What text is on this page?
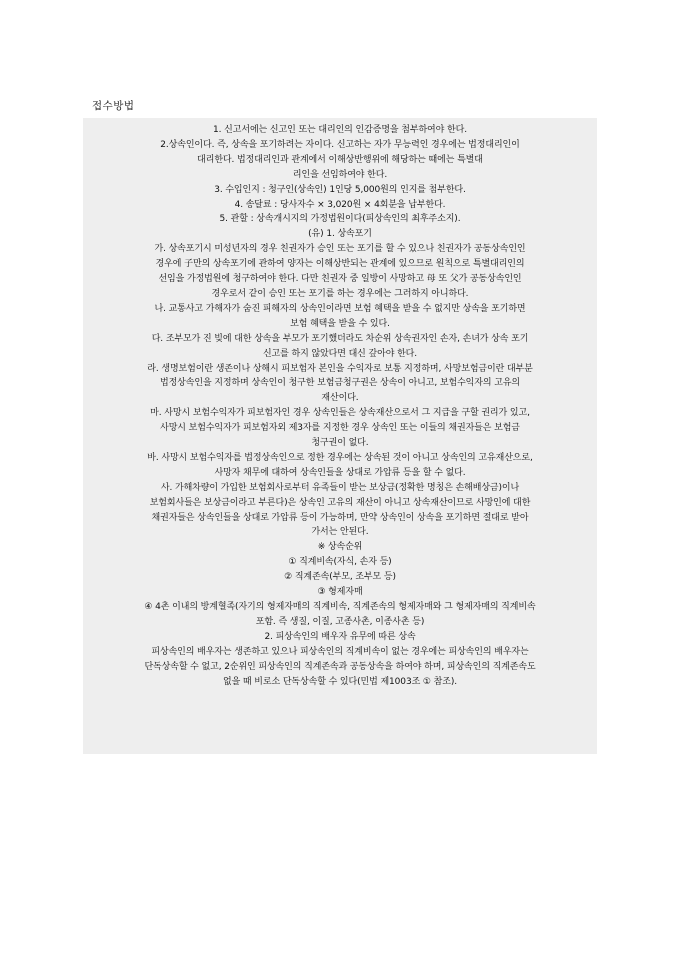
접수방법

1. 신고서에는 신고인 또는 대리인의 인감증명을 첨부하여야 한다.

2.상속인이다. 즉, 상속을 포기하려는 자이다. 신고하는 자가 무능력인 경우에는 법정대리인이

대리한다. 법정대리인과 관계에서 이해상반행위에 해당하는 때에는 특별대

리인을 선임하여야 한다.

3. 수입인지 : 청구인(상속인) 1인당 5,000원의 인지를 첨부한다.

4. 송달료 : 당사자수 × 3,020원 × 4회분을 납부한다.

5. 관할 : 상속개시지의 가정법원이다(피상속인의 최후주소지).

(유) 1. 상속포기

가. 상속포기시 미성년자의 경우 친권자가 승인 또는 포기를 할 수 있으나 친권자가 공동상속인인

경우에 子만의 상속포기에 관하여 양자는 이해상반되는 관계에 있으므로 원칙으로 특별대리인의

선임을 가정법원에 청구하여야 한다. 다만 친권자 중 일방이 사망하고 母 또 父가 공동상속인인

경우로서 같이 승인 또는 포기를 하는 경우에는 그러하지 아니하다.

나. 교통사고 가해자가 숨진 피해자의 상속인이라면 보험 혜택을 받을 수 없지만 상속을 포기하면

보험 혜택을 받을 수 있다.

다. 조부모가 진 빚에 대한 상속을 부모가 포기했더라도 차순위 상속권자인 손자, 손녀가 상속 포기

신고를 하지 않았다면 대신 갚아야 한다.

라. 생명보험이란 생존이나 상해시 피보험자 본인을 수익자로 보통 지정하며, 사망보험금이란 대부분

법정상속인을 지정하며 상속인이 청구한 보험금청구권은 상속이 아니고, 보험수익자의 고유의

재산이다.

마. 사망시 보험수익자가 피보험자인 경우 상속인들은 상속재산으로서 그 지급을 구할 권리가 있고,

사망시 보험수익자가 피보험자외 제3자를 지정한 경우 상속인 또는 이들의 채권자들은 보험금

청구권이 없다.

바. 사망시 보험수익자를 법정상속인으로 정한 경우에는 상속된 것이 아니고 상속인의 고유재산으로,

사망자 채무에 대하여 상속인들을 상대로 가압류 등을 할 수 없다.

사. 가해차량이 가입한 보험회사로부터 유족들이 받는 보상금(정확한 명칭은 손해배상금)이나

보험회사들은 보상금이라고 부른다)은 상속인 고유의 재산이 아니고 상속재산이므로 사망인에 대한

채권자들은 상속인들을 상대로 가압류 등이 가능하며, 만약 상속인이 상속을 포기하면 절대로 받아

가서는 안된다.

※ 상속순위

① 직계비속(자식, 손자 등)

② 직계존속(부모, 조부모 등)

③ 형제자매

④ 4촌 이내의 방계혈족(자기의 형제자매의 직계비속, 직계존속의 형제자매와 그 형제자매의 직계비속

포함. 즉 생질, 이질, 고종사촌, 이종사촌 등)

2. 피상속인의 배우자 유무에 따른 상속

피상속인의 배우자는 생존하고 있으나 피상속인의 직계비속이 없는 경우에는 피상속인의 배우자는

단독상속할 수 없고, 2순위인 피상속인의 직계존속과 공동상속을 하여야 하며, 피상속인의 직계존속도

없을 때 비로소 단독상속할 수 있다(민법 제1003조 ① 참조).
